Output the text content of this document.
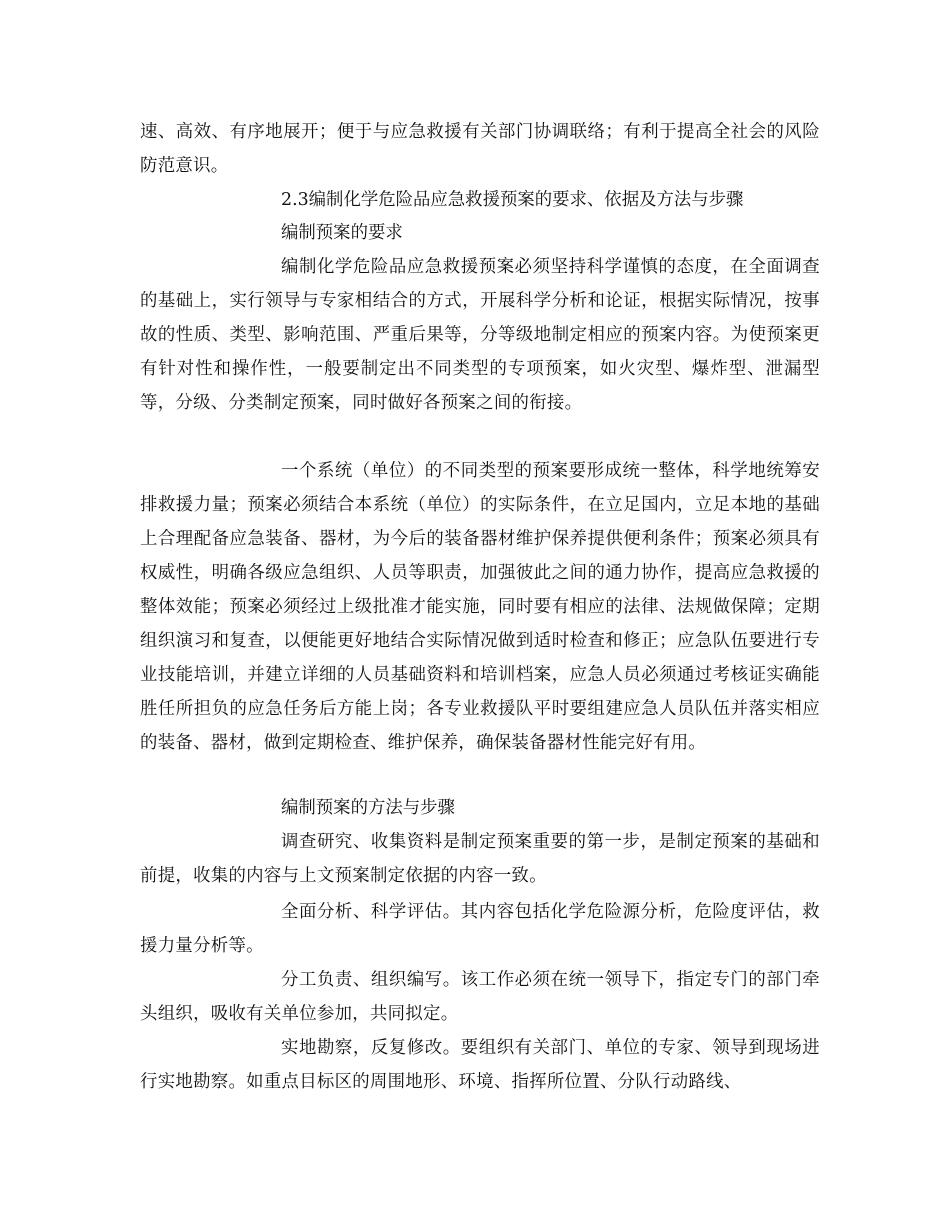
速、高效、有序地展开；便于与应急救援有关部门协调联络；有利于提高全社会的风险防范意识。

2.3编制化学危险品应急救援预案的要求、依据及方法与步骤

编制预案的要求

编制化学危险品应急救援预案必须坚持科学谨慎的态度，在全面调查的基础上，实行领导与专家相结合的方式，开展科学分析和论证，根据实际情况，按事故的性质、类型、影响范围、严重后果等，分等级地制定相应的预案内容。为使预案更有针对性和操作性，一般要制定出不同类型的专项预案，如火灾型、爆炸型、泄漏型等，分级、分类制定预案，同时做好各预案之间的衔接。

一个系统（单位）的不同类型的预案要形成统一整体，科学地统筹安排救援力量；预案必须结合本系统（单位）的实际条件，在立足国内，立足本地的基础上合理配备应急装备、器材，为今后的装备器材维护保养提供便利条件；预案必须具有权威性，明确各级应急组织、人员等职责，加强彼此之间的通力协作，提高应急救援的整体效能；预案必须经过上级批准才能实施，同时要有相应的法律、法规做保障；定期组织演习和复查，以便能更好地结合实际情况做到适时检查和修正；应急队伍要进行专业技能培训，并建立详细的人员基础资料和培训档案，应急人员必须通过考核证实确能胜任所担负的应急任务后方能上岗；各专业救援队平时要组建应急人员队伍并落实相应的装备、器材，做到定期检查、维护保养，确保装备器材性能完好有用。

编制预案的方法与步骤

调查研究、收集资料是制定预案重要的第一步，是制定预案的基础和前提，收集的内容与上文预案制定依据的内容一致。

全面分析、科学评估。其内容包括化学危险源分析，危险度评估，救援力量分析等。

分工负责、组织编写。该工作必须在统一领导下，指定专门的部门牵头组织，吸收有关单位参加，共同拟定。

实地勘察，反复修改。要组织有关部门、单位的专家、领导到现场进行实地勘察。如重点目标区的周围地形、环境、指挥所位置、分队行动路线、
